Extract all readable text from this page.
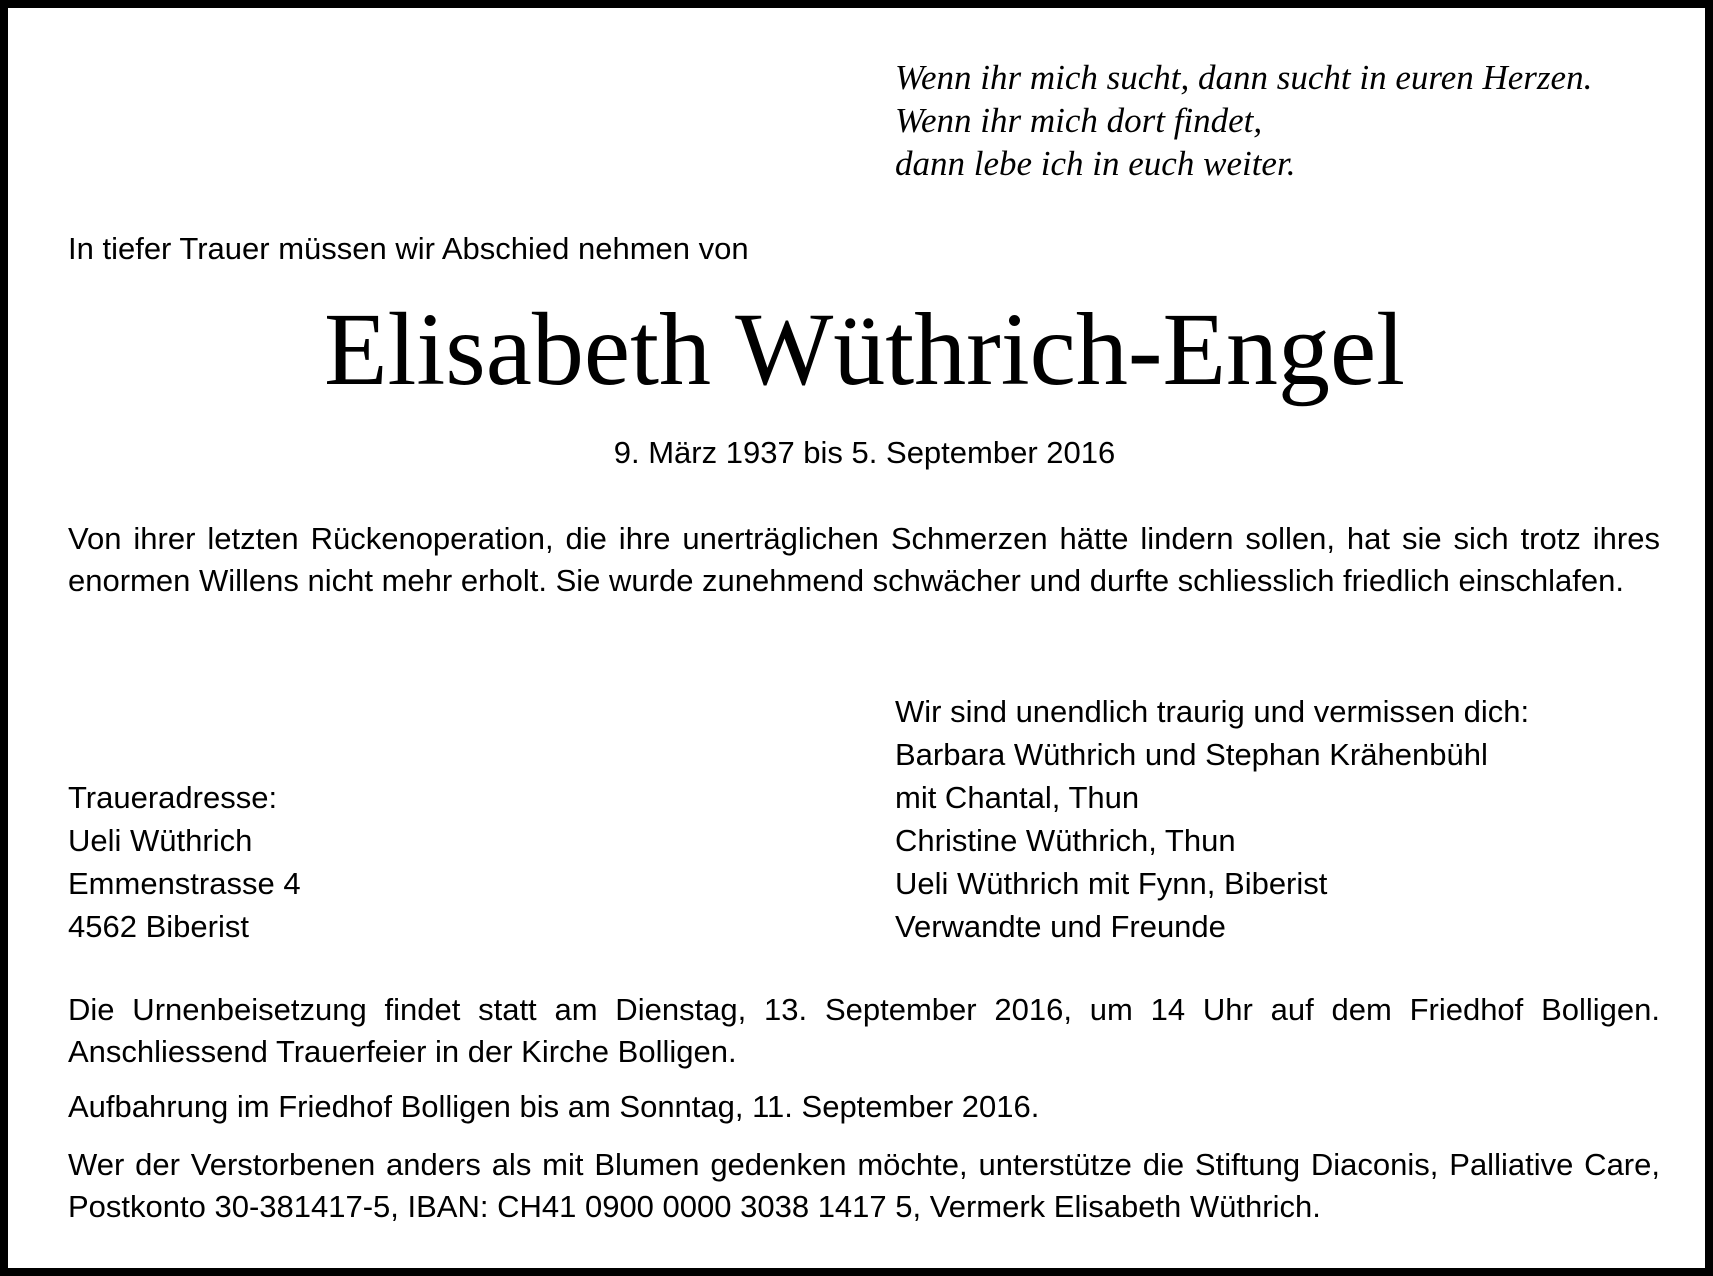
Wenn ihr mich sucht, dann sucht in euren Herzen.
Wenn ihr mich dort findet,
dann lebe ich in euch weiter.
In tiefer Trauer müssen wir Abschied nehmen von
Elisabeth Wüthrich-Engel
9. März 1937 bis 5. September 2016
Von ihrer letzten Rückenoperation, die ihre unerträglichen Schmerzen hätte lindern sollen, hat sie sich trotz ihres enormen Willens nicht mehr erholt. Sie wurde zunehmend schwächer und durfte schliesslich friedlich einschlafen.
Wir sind unendlich traurig und vermissen dich:
Barbara Wüthrich und Stephan Krähenbühl
mit Chantal, Thun
Christine Wüthrich, Thun
Ueli Wüthrich mit Fynn, Biberist
Verwandte und Freunde
Traueradresse:
Ueli Wüthrich
Emmenstrasse 4
4562 Biberist
Die Urnenbeisetzung findet statt am Dienstag, 13. September 2016, um 14 Uhr auf dem Friedhof Bolligen. Anschliessend Trauerfeier in der Kirche Bolligen.
Aufbahrung im Friedhof Bolligen bis am Sonntag, 11. September 2016.
Wer der Verstorbenen anders als mit Blumen gedenken möchte, unterstütze die Stiftung Diaconis, Palliative Care, Postkonto 30-381417-5, IBAN: CH41 0900 0000 3038 1417 5, Vermerk Elisabeth Wüthrich.
